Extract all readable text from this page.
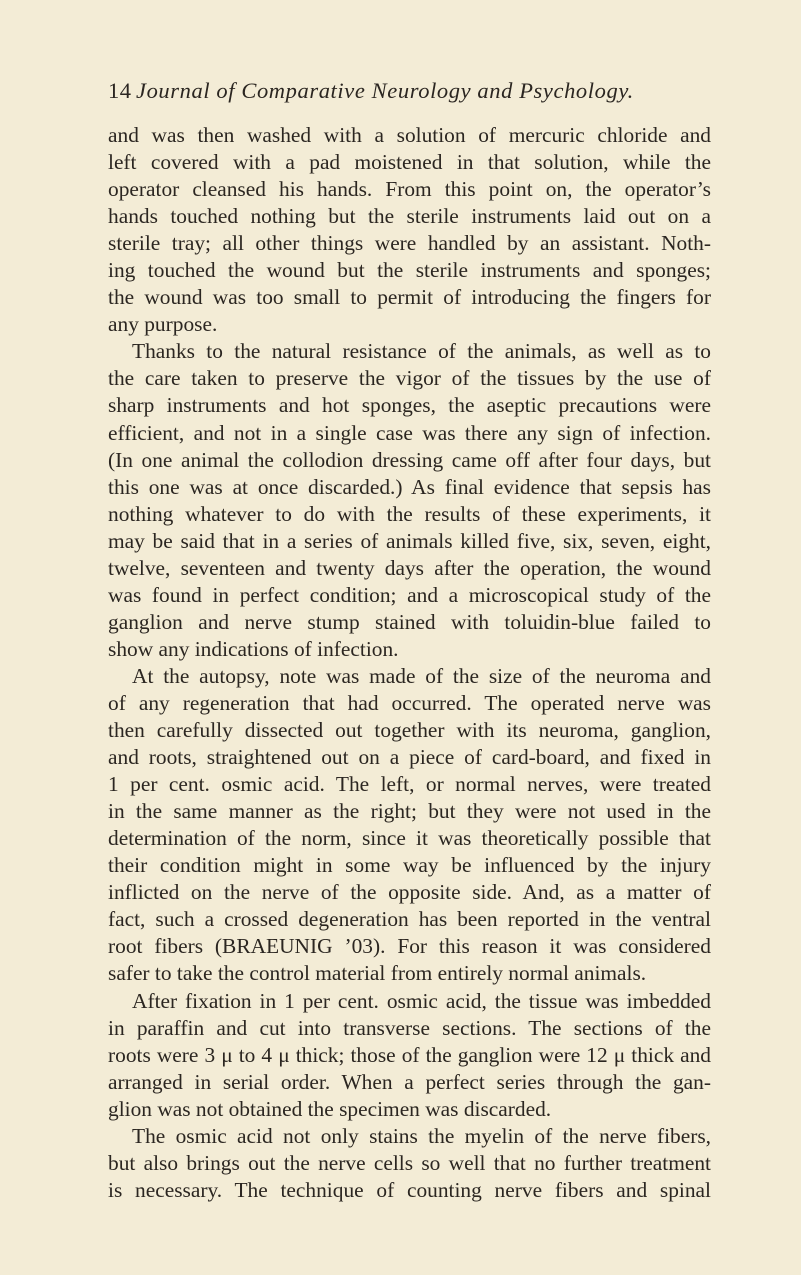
14 Journal of Comparative Neurology and Psychology.
and was then washed with a solution of mercuric chloride and
left covered with a pad moistened in that solution, while the
operator cleansed his hands. From this point on, the operator’s
hands touched nothing but the sterile instruments laid out on a
sterile tray; all other things were handled by an assistant. Noth-
ing touched the wound but the sterile instruments and sponges;
the wound was too small to permit of introducing the fingers for
any purpose.
Thanks to the natural resistance of the animals, as well as to
the care taken to preserve the vigor of the tissues by the use of
sharp instruments and hot sponges, the aseptic precautions were
efficient, and not in a single case was there any sign of infection.
(In one animal the collodion dressing came off after four days, but
this one was at once discarded.) As final evidence that sepsis has
nothing whatever to do with the results of these experiments, it
may be said that in a series of animals killed five, six, seven, eight,
twelve, seventeen and twenty days after the operation, the wound
was found in perfect condition; and a microscopical study of the
ganglion and nerve stump stained with toluidin-blue failed to
show any indications of infection.
At the autopsy, note was made of the size of the neuroma and
of any regeneration that had occurred. The operated nerve was
then carefully dissected out together with its neuroma, ganglion,
and roots, straightened out on a piece of card-board, and fixed in
1 per cent. osmic acid. The left, or normal nerves, were treated
in the same manner as the right; but they were not used in the
determination of the norm, since it was theoretically possible that
their condition might in some way be influenced by the injury
inflicted on the nerve of the opposite side. And, as a matter of
fact, such a crossed degeneration has been reported in the ventral
root fibers (BRAEUNIG ’03). For this reason it was considered
safer to take the control material from entirely normal animals.
After fixation in 1 per cent. osmic acid, the tissue was imbedded
in paraffin and cut into transverse sections. The sections of the
roots were 3 μ to 4 μ thick; those of the ganglion were 12 μ thick and
arranged in serial order. When a perfect series through the gan-
glion was not obtained the specimen was discarded.
The osmic acid not only stains the myelin of the nerve fibers,
but also brings out the nerve cells so well that no further treatment
is necessary. The technique of counting nerve fibers and spinal
